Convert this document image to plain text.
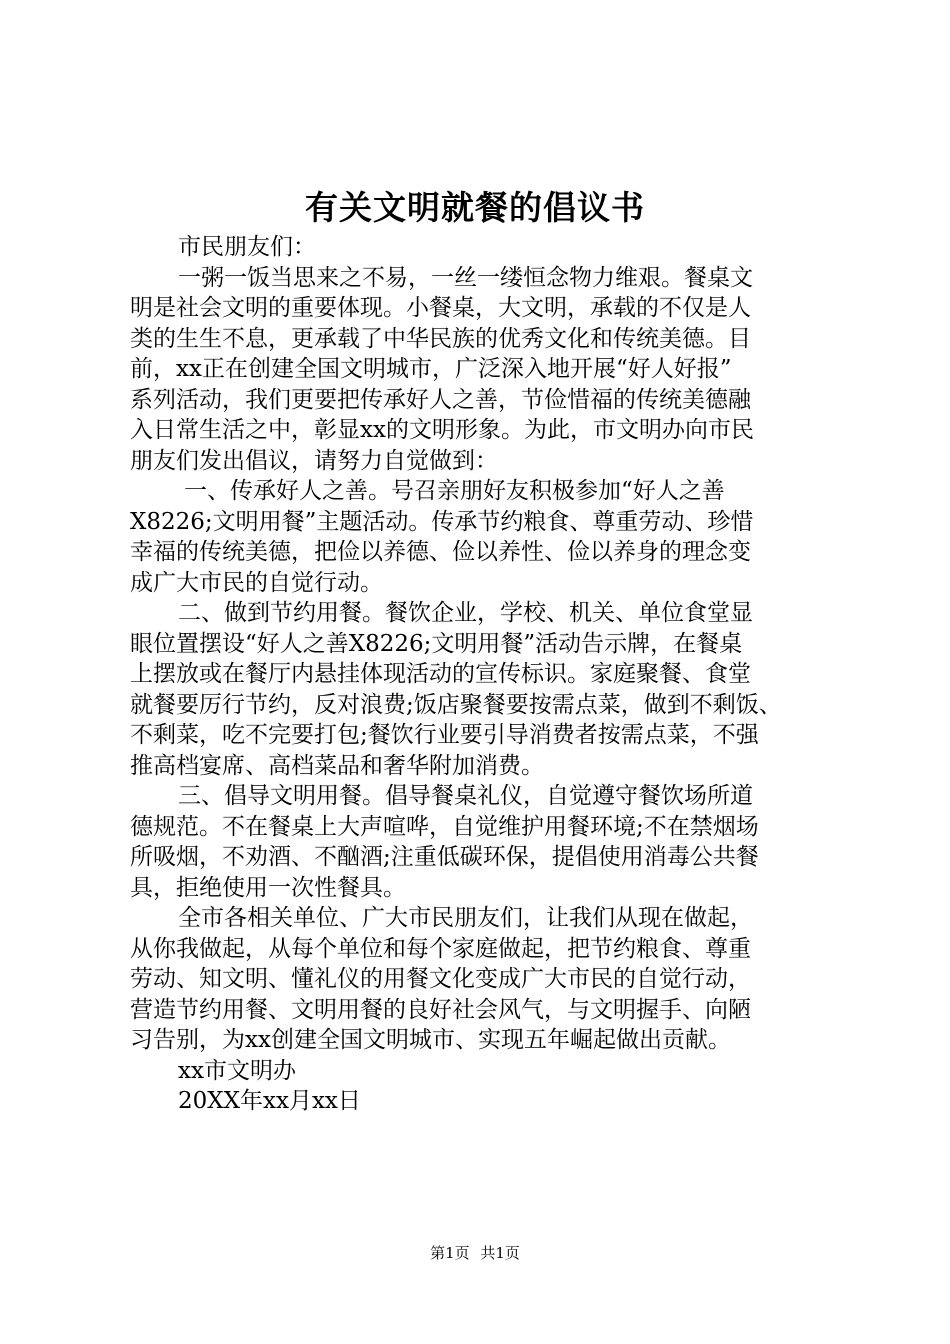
有关文明就餐的倡议书
市民朋友们：
一粥一饭当思来之不易，一丝一缕恒念物力维艰。餐桌文
明是社会文明的重要体现。小餐桌，大文明，承载的不仅是人
类的生生不息，更承载了中华民族的优秀文化和传统美德。目
前，xx正在创建全国文明城市，广泛深入地开展“好人好报”
系列活动，我们更要把传承好人之善，节俭惜福的传统美德融
入日常生活之中，彰显xx的文明形象。为此，市文明办向市民
朋友们发出倡议，请努力自觉做到：
一、传承好人之善。号召亲朋好友积极参加“好人之善
X8226;文明用餐”主题活动。传承节约粮食、尊重劳动、珍惜
幸福的传统美德，把俭以养德、俭以养性、俭以养身的理念变
成广大市民的自觉行动。
二、做到节约用餐。餐饮企业，学校、机关、单位食堂显
眼位置摆设“好人之善X8226;文明用餐”活动告示牌，在餐桌
上摆放或在餐厅内悬挂体现活动的宣传标识。家庭聚餐、食堂
就餐要厉行节约，反对浪费;饭店聚餐要按需点菜，做到不剩饭、
不剩菜，吃不完要打包;餐饮行业要引导消费者按需点菜，不强
推高档宴席、高档菜品和奢华附加消费。
三、倡导文明用餐。倡导餐桌礼仪，自觉遵守餐饮场所道
德规范。不在餐桌上大声喧哗，自觉维护用餐环境;不在禁烟场
所吸烟，不劝酒、不酗酒;注重低碳环保，提倡使用消毒公共餐
具，拒绝使用一次性餐具。
全市各相关单位、广大市民朋友们，让我们从现在做起，
从你我做起，从每个单位和每个家庭做起，把节约粮食、尊重
劳动、知文明、懂礼仪的用餐文化变成广大市民的自觉行动，
营造节约用餐、文明用餐的良好社会风气，与文明握手、向陋
习告别，为xx创建全国文明城市、实现五年崛起做出贡献。
xx市文明办
20XX年xx月xx日
第1页 共1页
